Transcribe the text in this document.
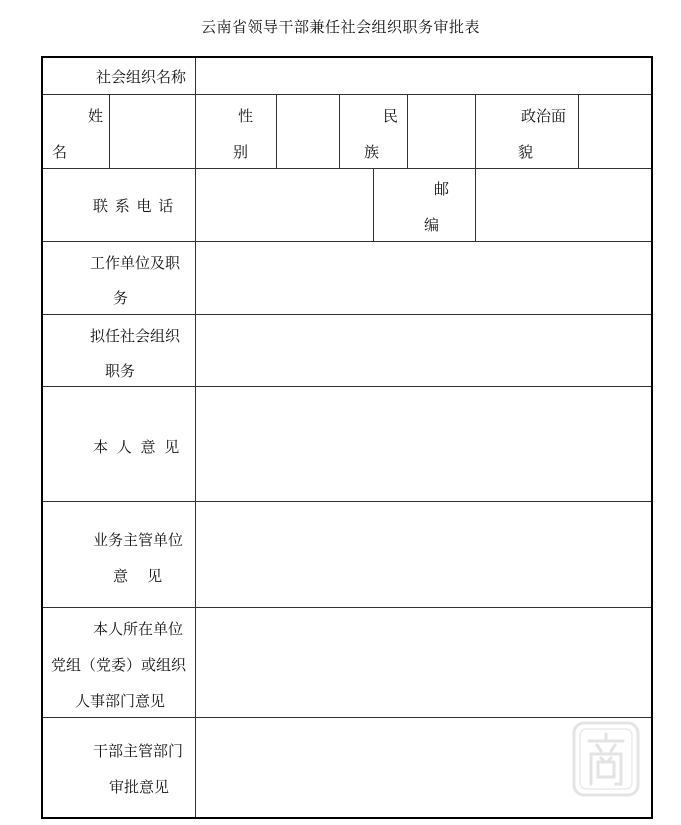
云南省领导干部兼任社会组织职务审批表
社会组织名称
姓
名
性
别
民
族
政治面
貌
联 系 电 话
邮
编
工作单位及职
务
拟任社会组织
职务
本 人 意 见
业务主管单位
意    见
本人所在单位
党组（党委）或组织
人事部门意见
干部主管部门
审批意见
